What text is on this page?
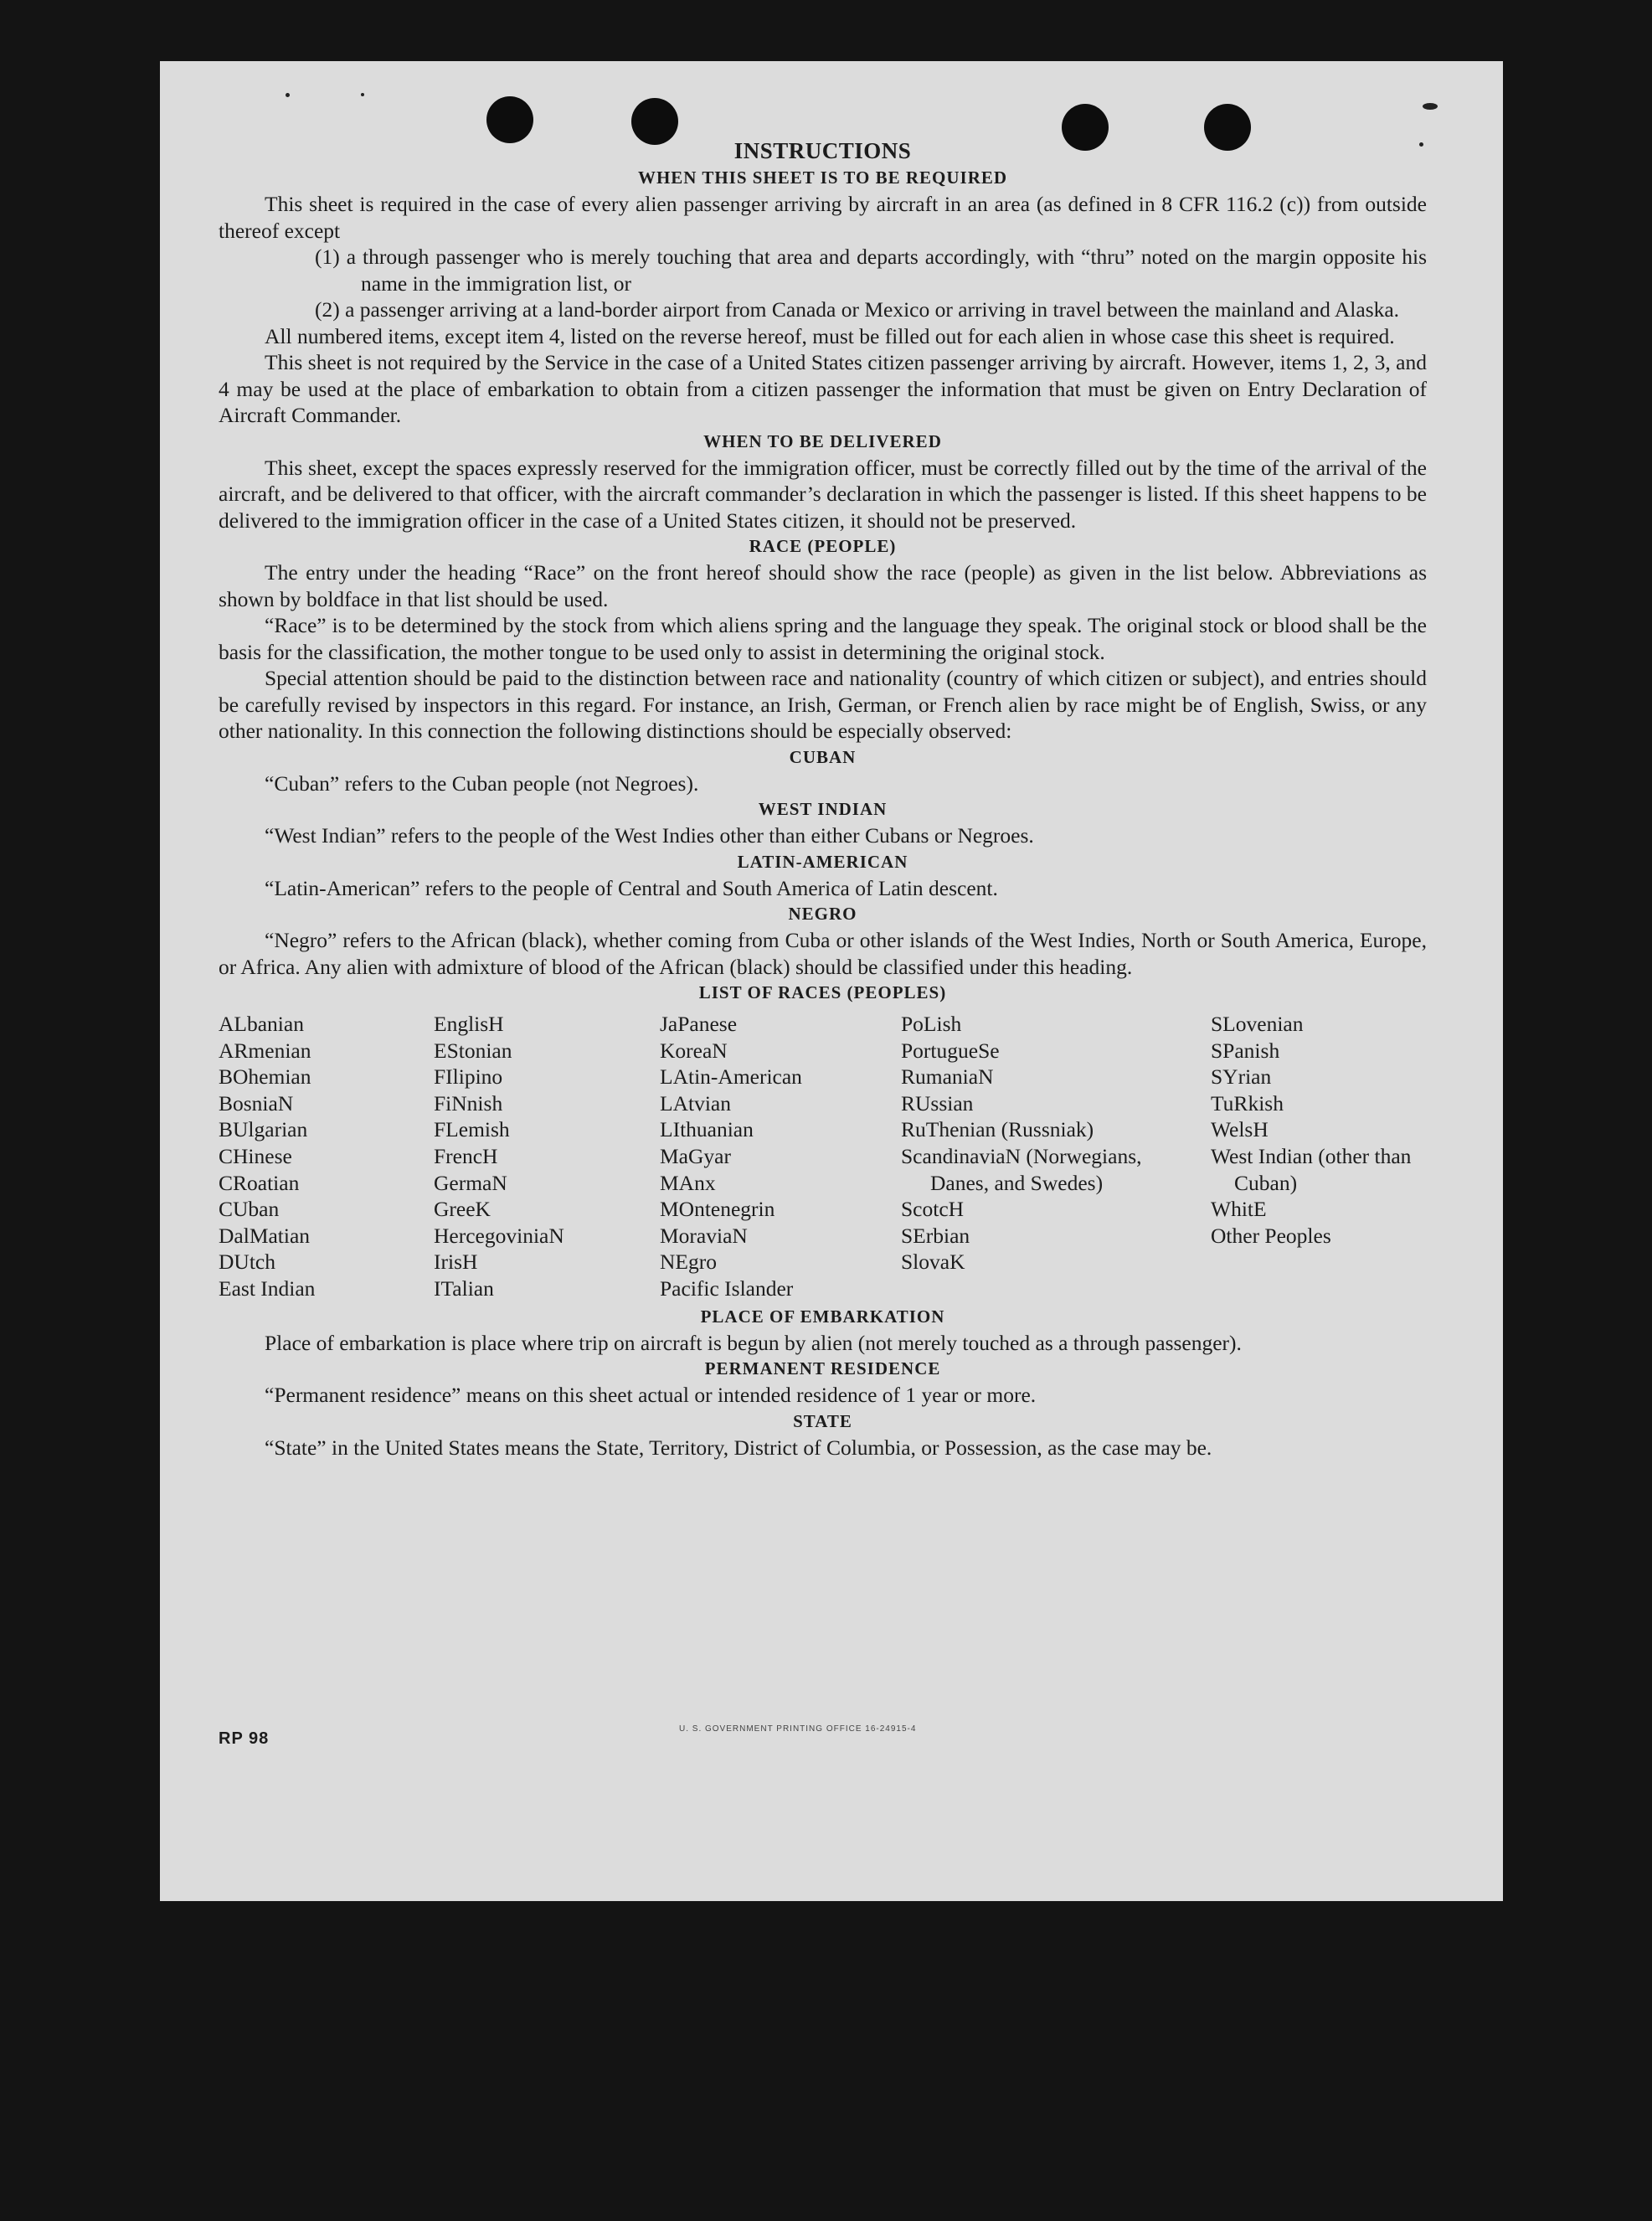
INSTRUCTIONS

WHEN THIS SHEET IS TO BE REQUIRED

This sheet is required in the case of every alien passenger arriving by aircraft in an area (as defined in 8 CFR 116.2 (c)) from outside thereof except

(1) a through passenger who is merely touching that area and departs accordingly, with “thru” noted on the margin opposite his name in the immigration list, or

(2) a passenger arriving at a land-border airport from Canada or Mexico or arriving in travel between the mainland and Alaska.

All numbered items, except item 4, listed on the reverse hereof, must be filled out for each alien in whose case this sheet is required.

This sheet is not required by the Service in the case of a United States citizen passenger arriving by aircraft. However, items 1, 2, 3, and 4 may be used at the place of embarkation to obtain from a citizen passenger the information that must be given on Entry Declaration of Aircraft Commander.

WHEN TO BE DELIVERED

This sheet, except the spaces expressly reserved for the immigration officer, must be correctly filled out by the time of the arrival of the aircraft, and be delivered to that officer, with the aircraft commander’s declaration in which the passenger is listed. If this sheet happens to be delivered to the immigration officer in the case of a United States citizen, it should not be preserved.

RACE (PEOPLE)

The entry under the heading “Race” on the front hereof should show the race (people) as given in the list below. Abbreviations as shown by boldface in that list should be used.

“Race” is to be determined by the stock from which aliens spring and the language they speak. The original stock or blood shall be the basis for the classification, the mother tongue to be used only to assist in determining the original stock.

Special attention should be paid to the distinction between race and nationality (country of which citizen or subject), and entries should be carefully revised by inspectors in this regard. For instance, an Irish, German, or French alien by race might be of English, Swiss, or any other nationality. In this connection the following distinctions should be especially observed:

CUBAN

“Cuban” refers to the Cuban people (not Negroes).

WEST INDIAN

“West Indian” refers to the people of the West Indies other than either Cubans or Negroes.

LATIN-AMERICAN

“Latin-American” refers to the people of Central and South America of Latin descent.

NEGRO

“Negro” refers to the African (black), whether coming from Cuba or other islands of the West Indies, North or South America, Europe, or Africa. Any alien with admixture of blood of the African (black) should be classified under this heading.

LIST OF RACES (PEOPLES)

ALbanian
ARmenian
BOhemian
BosniaN
BUlgarian
CHinese
CRoatian
CUban
DalMatian
DUtch
East Indian
EnglisH
EStonian
FIlipino
FiNnish
FLemish
FrencH
GermaN
GreeK
HercegoviniaN
IrisH
ITalian
JaPanese
KoreaN
LAtin-American
LAtvian
LIthuanian
MaGyar
MAnx
MOntenegrin
MoraviaN
NEgro
Pacific Islander
PoLish
PortugueSe
RumaniaN
RUssian
RuThenian (Russniak)
ScandinaviaN (Norwegians, Danes, and Swedes)
ScotcH
SErbian
SlovaK
SLovenian
SPanish
SYrian
TuRkish
WelsH
West Indian (other than Cuban)
WhitE
Other Peoples

PLACE OF EMBARKATION

Place of embarkation is place where trip on aircraft is begun by alien (not merely touched as a through passenger).

PERMANENT RESIDENCE

“Permanent residence” means on this sheet actual or intended residence of 1 year or more.

STATE

“State” in the United States means the State, Territory, District of Columbia, or Possession, as the case may be.

RP 98
U. S. GOVERNMENT PRINTING OFFICE 16-24915-4
